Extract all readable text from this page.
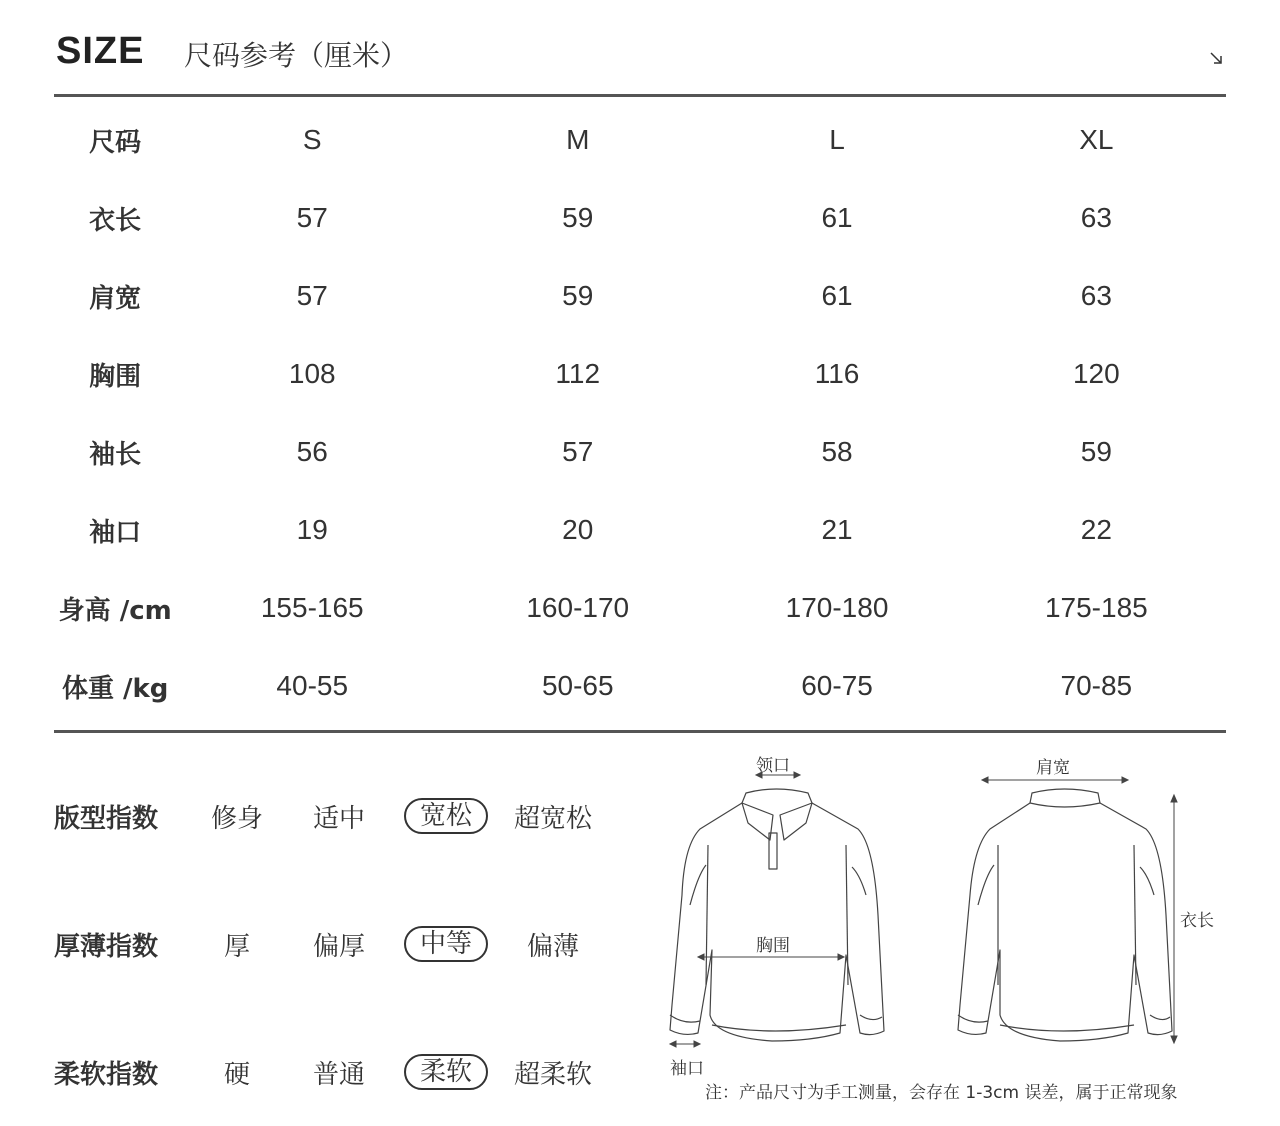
SIZE 尺码参考（厘米）
尺码	S	M	L	XL
衣长	57	59	61	63
肩宽	57	59	61	63
胸围	108	112	116	120
袖长	56	57	58	59
袖口	19	20	21	22
身高 /cm	155-165	160-170	170-180	175-185
体重 /kg	40-55	50-65	60-75	70-85
版型指数	修身	适中	宽松	超宽松
厚薄指数	厚	偏厚	中等	偏薄
柔软指数	硬	普通	柔软	超柔软
领口	肩宽
衣长
胸围
袖口
注：产品尺寸为手工测量，会存在 1-3cm 误差，属于正常现象
